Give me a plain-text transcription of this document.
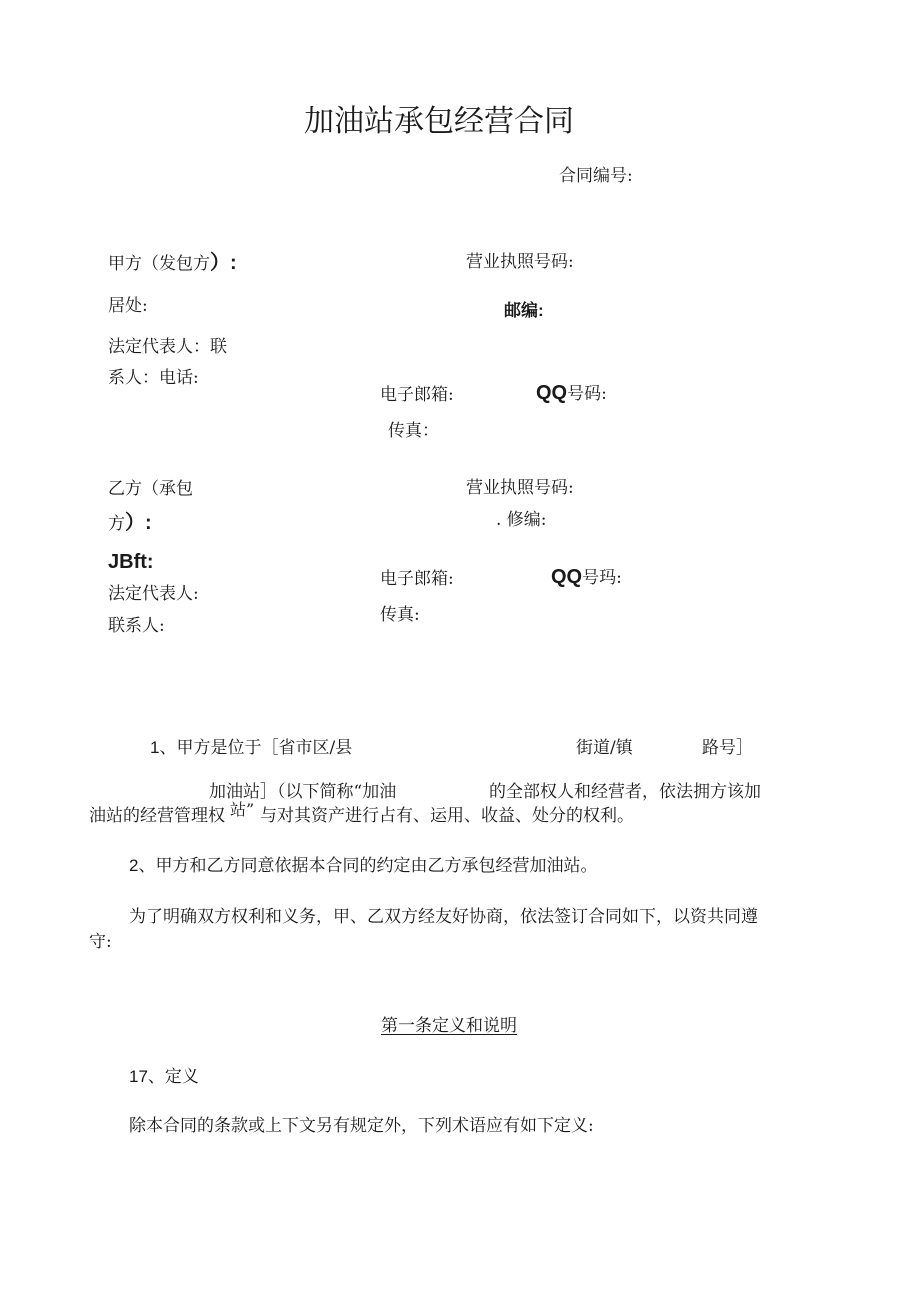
加油站承包经营合同
合同编号:
甲方（发包方）:	营业执照号码:
居处:	邮编:
法定代表人：联
系人：电话:
电子郎箱:	QQ号码:
传真：
乙方（承包	营业执照号码:
方）:	. 修编:
JBft:
电子郎箱:	QQ号玛:
法定代表人:
传真:
联系人:
1、甲方是位于［省市区/县	街道/镇	路号］
加油站］（以下简称“加油	的全部权人和经营者，依法拥方该加
油站的经营管理权 站” 与对其资产进行占有、运用、收益、处分的权利。
2、甲方和乙方同意依据本合同的约定由乙方承包经营加油站。
为了明确双方权利和义务，甲、乙双方经友好协商，依法签订合同如下，以资共同遵
守:
第一条定义和说明
17、定义
除本合同的条款或上下文另有规定外，下列术语应有如下定义:
